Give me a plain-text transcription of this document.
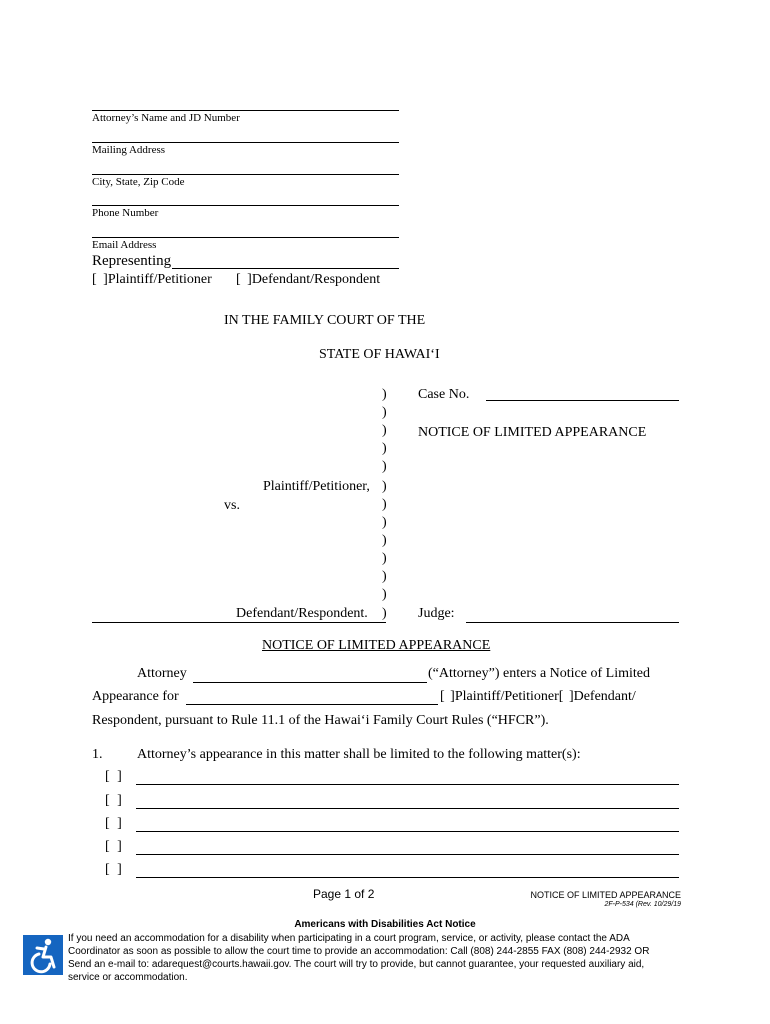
Attorney’s Name and JD Number
Mailing Address
City, State, Zip Code
Phone Number
Email Address
Representing
[ ]Plaintiff/Petitioner [ ]Defendant/Respondent
IN THE FAMILY COURT OF THE
STATE OF HAWAIʻI
)
)
)
)
)
)
)
)
)
)
)
)
)
Case No.
NOTICE OF LIMITED APPEARANCE
Plaintiff/Petitioner,
vs.
Defendant/Respondent.	Judge:
NOTICE OF LIMITED APPEARANCE
Attorney	(“Attorney”) enters a Notice of Limited
Appearance for	[ ]Plaintiff/Petitioner[ ]Defendant/
Respondent, pursuant to Rule 11.1 of the Hawaiʻi Family Court Rules (“HFCR”).
1. Attorney’s appearance in this matter shall be limited to the following matter(s):
[ ]
[ ]
[ ]
[ ]
[ ]
Page 1 of 2	NOTICE OF LIMITED APPEARANCE
2F-P-534 (Rev. 10/29/19
Americans with Disabilities Act Notice
If you need an accommodation for a disability when participating in a court program, service, or activity, please contact the ADA
Coordinator as soon as possible to allow the court time to provide an accommodation: Call (808) 244-2855 FAX (808) 244-2932 OR
Send an e-mail to: adarequest@courts.hawaii.gov. The court will try to provide, but cannot guarantee, your requested auxiliary aid,
service or accommodation.
